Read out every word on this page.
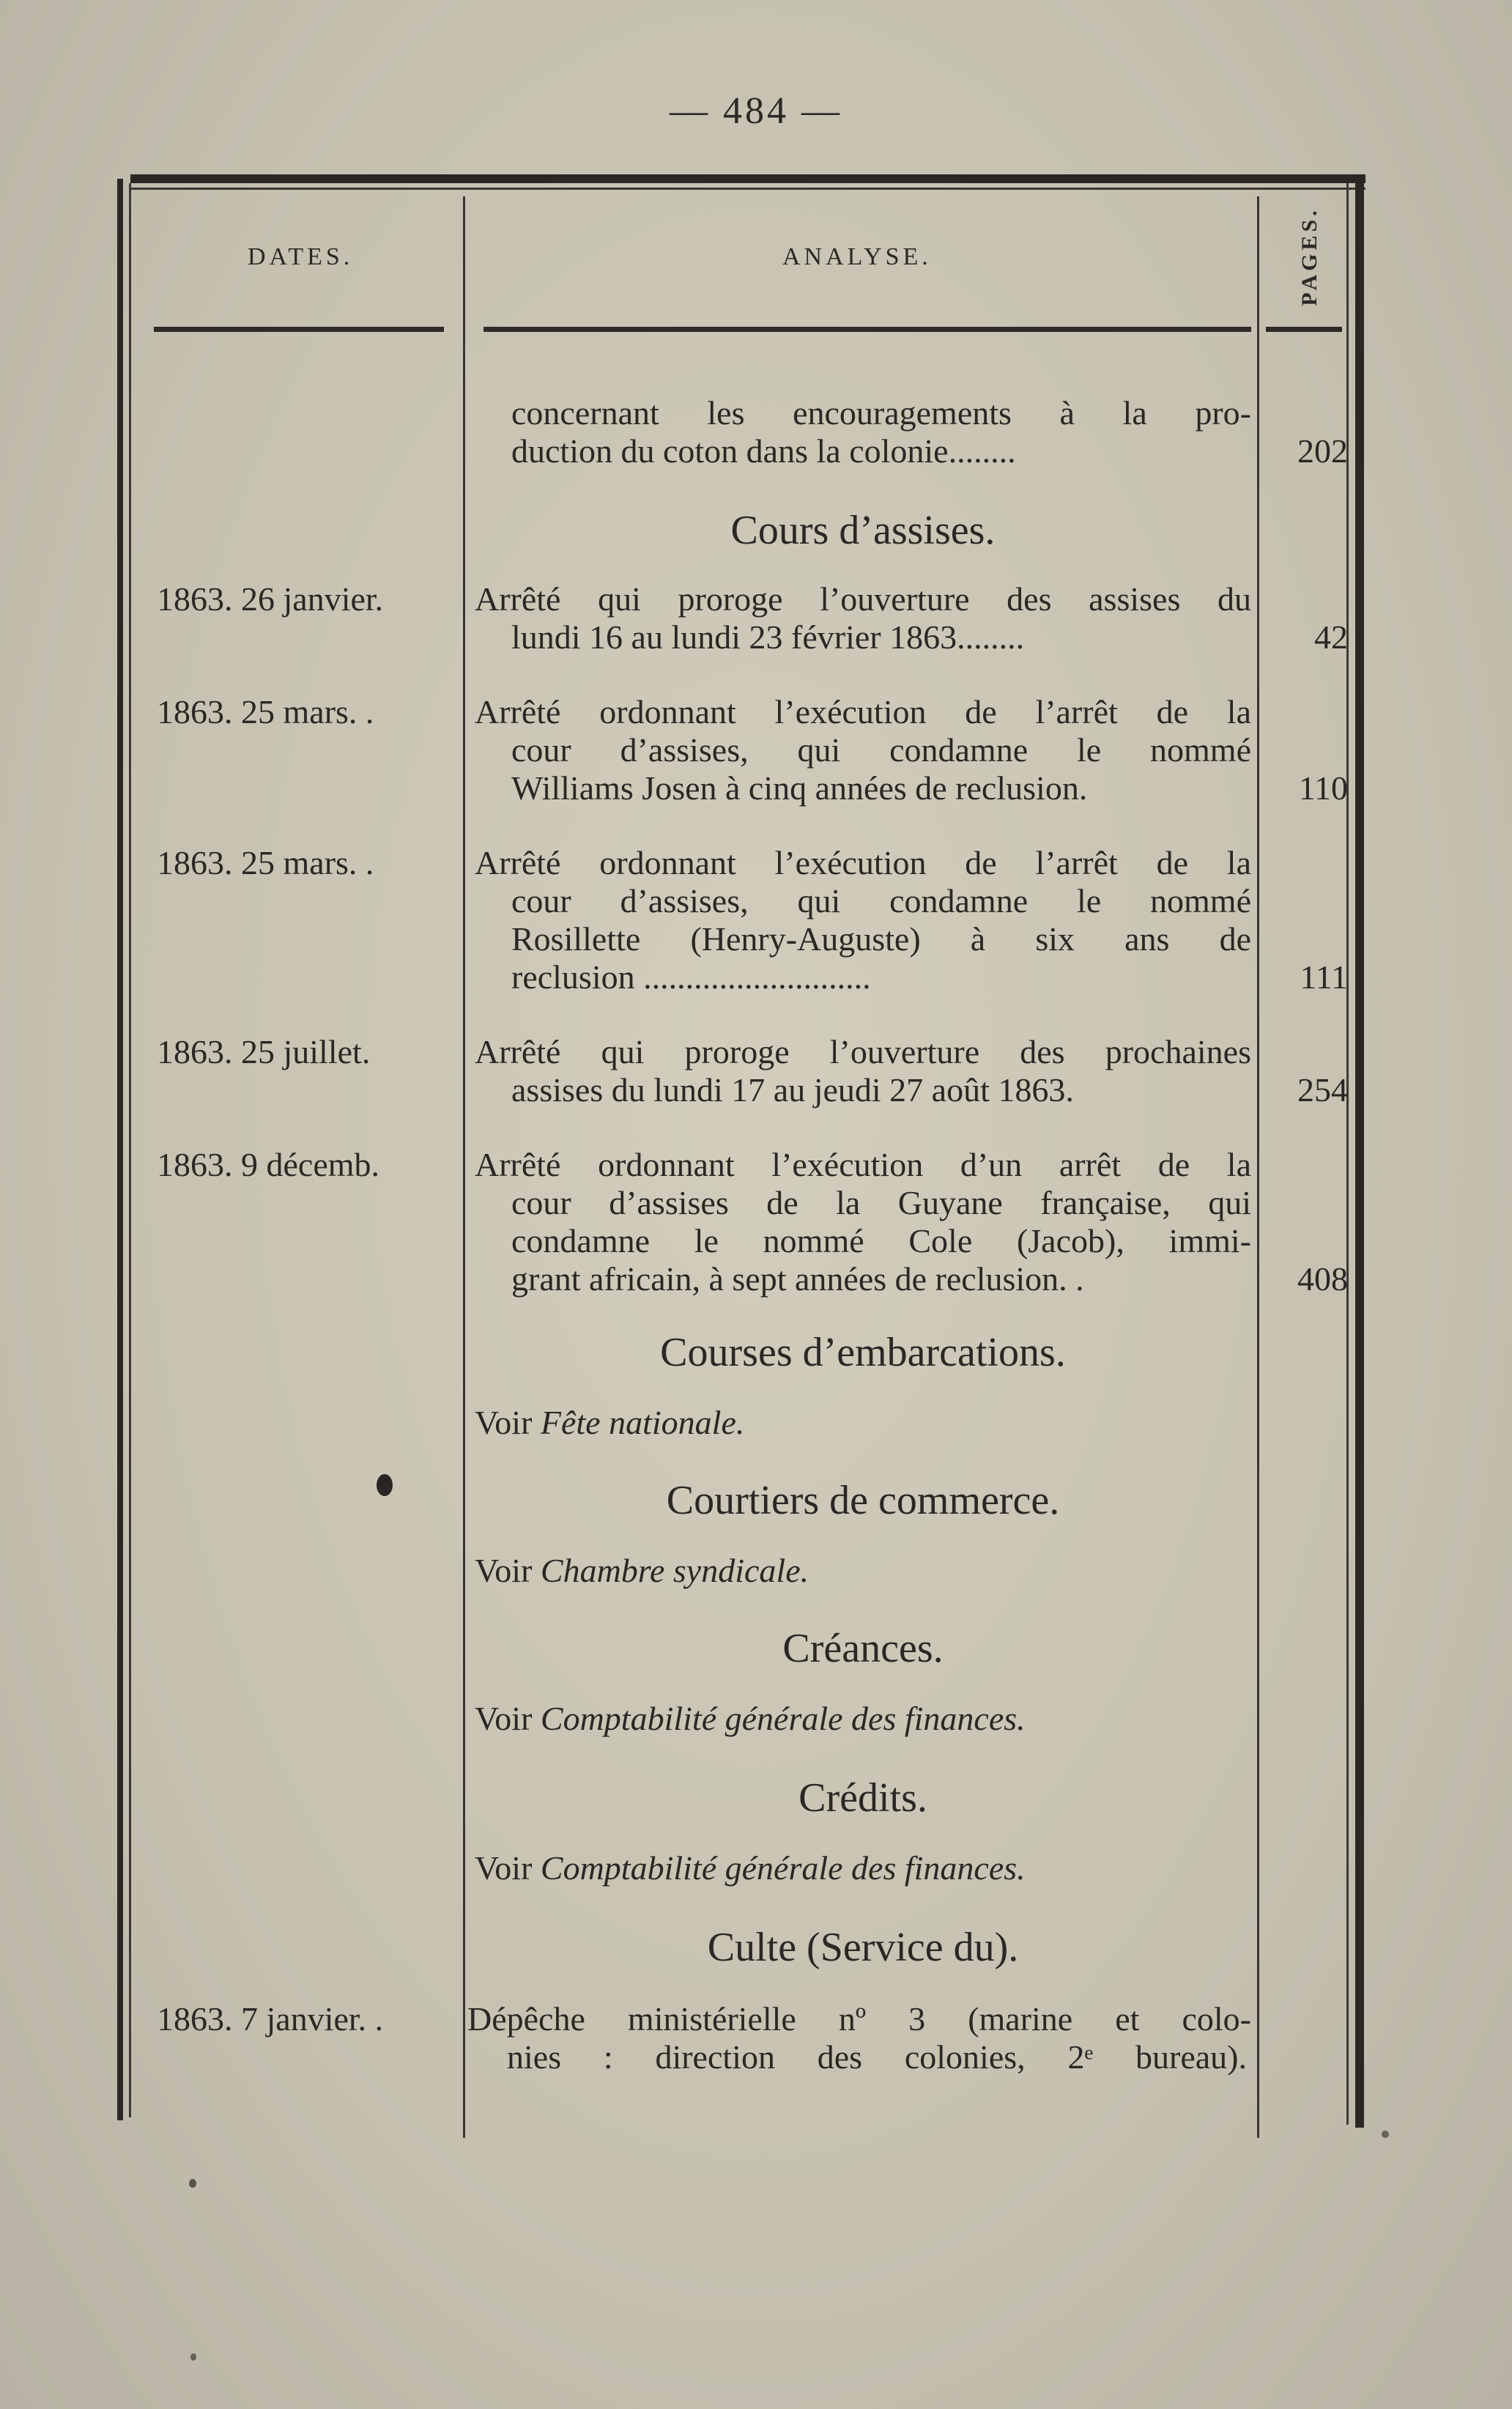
— 484 —
DATES.	ANALYSE.	PAGES.
concernant les encouragements à la pro-
duction du coton dans la colonie........	202
Cours d’assises.
1863. 26 janvier.	Arrêté qui proroge l’ouverture des assises du
lundi 16 au lundi 23 février 1863........	42
1863. 25 mars. .	Arrêté ordonnant l’exécution de l’arrêt de la
cour d’assises, qui condamne le nommé
Williams Josen à cinq années de reclusion.	110
1863. 25 mars. .	Arrêté ordonnant l’exécution de l’arrêt de la
cour d’assises, qui condamne le nommé
Rosillette (Henry-Auguste) à six ans de
reclusion ...........................	111
1863. 25 juillet.	Arrêté qui proroge l’ouverture des prochaines
assises du lundi 17 au jeudi 27 août 1863.	254
1863. 9 décemb.	Arrêté ordonnant l’exécution d’un arrêt de la
cour d’assises de la Guyane française, qui
condamne le nommé Cole (Jacob), immi-
grant africain, à sept années de reclusion. .	408
Courses d’embarcations.
Voir Fête nationale.
Courtiers de commerce.
Voir Chambre syndicale.
Créances.
Voir Comptabilité générale des finances.
Crédits.
Voir Comptabilité générale des finances.
Culte (Service du).
1863. 7 janvier. .	Dépêche ministérielle nº 3 (marine et colo-
nies : direction des colonies, 2ᵉ bureau).
